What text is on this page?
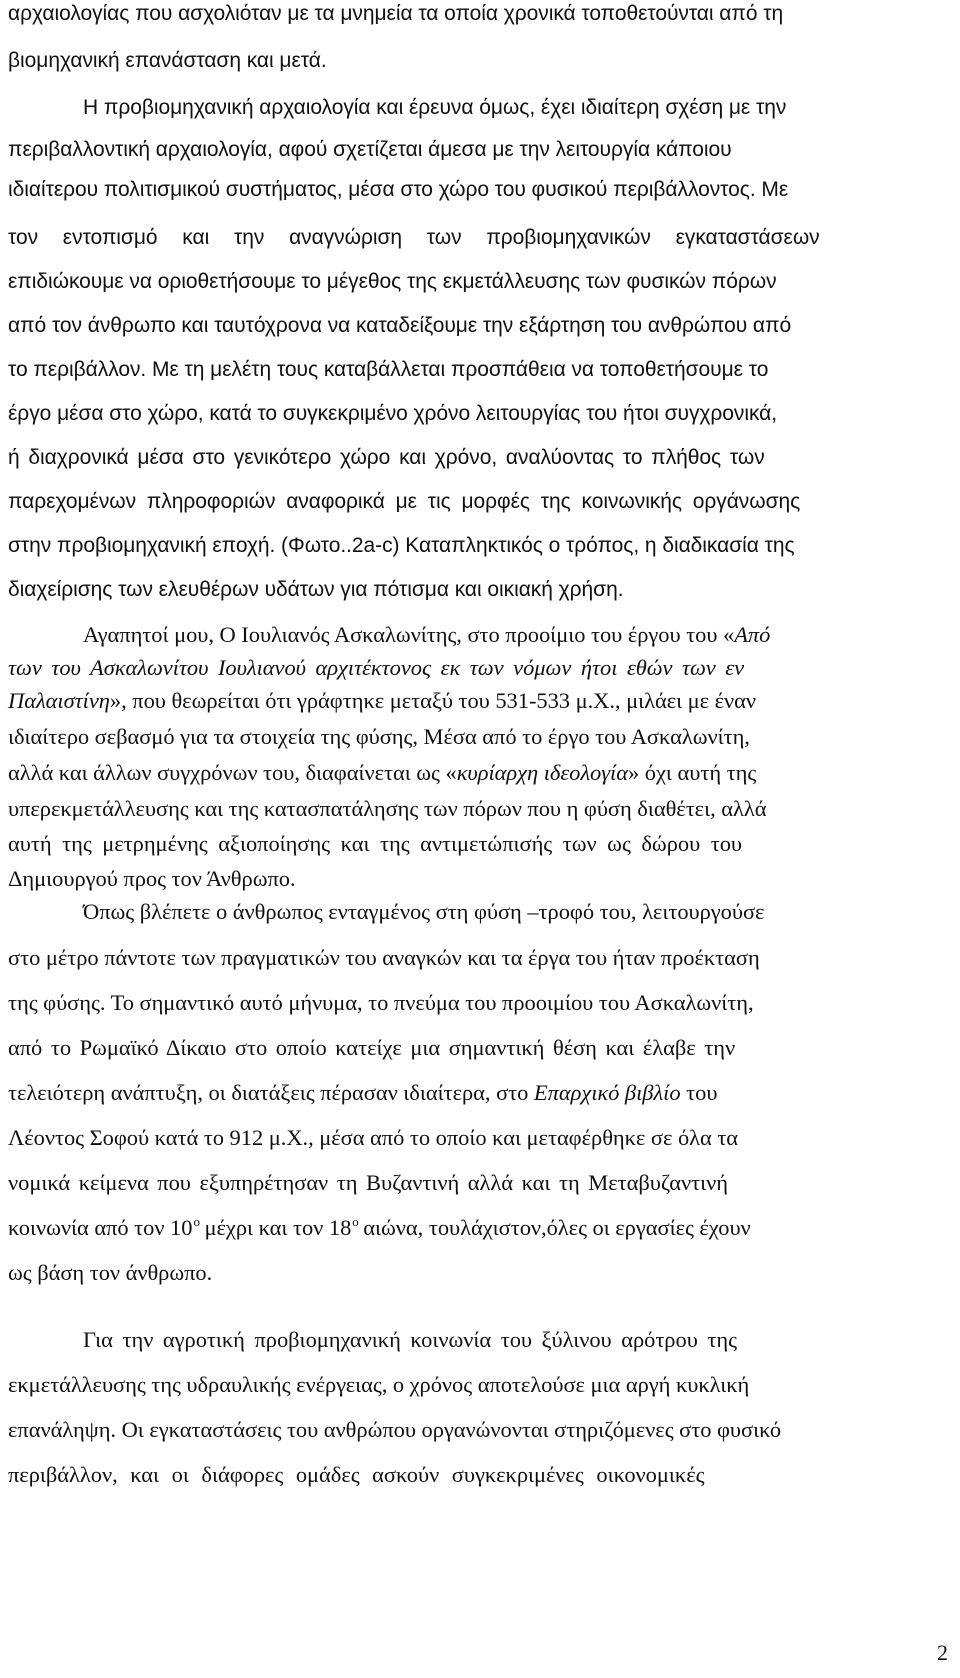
αρχαιολογίας που ασχολιόταν με τα μνημεία τα οποία χρονικά τοποθετούνται από τη
βιομηχανική επανάσταση και μετά.
Η προβιομηχανική αρχαιολογία και έρευνα όμως, έχει ιδιαίτερη σχέση με την
περιβαλλοντική αρχαιολογία, αφού σχετίζεται άμεσα με την λειτουργία κάποιου
ιδιαίτερου πολιτισμικού συστήματος, μέσα στο χώρο του φυσικού περιβάλλοντος. Με
τον εντοπισμό και την αναγνώριση των προβιομηχανικών εγκαταστάσεων
επιδιώκουμε να οριοθετήσουμε το μέγεθος της εκμετάλλευσης των φυσικών πόρων
από τον άνθρωπο και ταυτόχρονα να καταδείξουμε την εξάρτηση του ανθρώπου από
το περιβάλλον. Με τη μελέτη τους καταβάλλεται προσπάθεια να τοποθετήσουμε το
έργο μέσα στο χώρο, κατά το συγκεκριμένο χρόνο λειτουργίας του ήτοι συγχρονικά,
ή διαχρονικά μέσα στο γενικότερο χώρο και χρόνο, αναλύοντας το πλήθος των
παρεχομένων πληροφοριών αναφορικά με τις μορφές της κοινωνικής οργάνωσης
στην προβιομηχανική εποχή. (Φωτο..2a-c) Καταπληκτικός ο τρόπος, η διαδικασία της
διαχείρισης των ελευθέρων υδάτων για πότισμα και οικιακή χρήση.
Αγαπητοί μου, Ο Ιουλιανός Ασκαλωνίτης, στο προοίμιο του έργου του «Από
των του Ασκαλωνίτου Ιουλιανού αρχιτέκτονος εκ των νόμων ήτοι εθών των εν
Παλαιστίνη», που θεωρείται ότι γράφτηκε μεταξύ του 531-533 μ.Χ., μιλάει με έναν
ιδιαίτερο σεβασμό για τα στοιχεία της φύσης, Μέσα από το έργο του Ασκαλωνίτη,
αλλά και άλλων συγχρόνων του, διαφαίνεται ως «κυρίαρχη ιδεολογία» όχι αυτή της
υπερεκμετάλλευσης και της κατασπατάλησης των πόρων που η φύση διαθέτει, αλλά
αυτή της μετρημένης αξιοποίησης και της αντιμετώπισής των ως δώρου του
Δημιουργού προς τον Άνθρωπο.
Όπως βλέπετε ο άνθρωπος ενταγμένος στη φύση –τροφό του, λειτουργούσε
στο μέτρο πάντοτε των πραγματικών του αναγκών και τα έργα του ήταν προέκταση
της φύσης. Το σημαντικό αυτό μήνυμα, το πνεύμα του προοιμίου του Ασκαλωνίτη,
από το Ρωμαϊκό Δίκαιο στο οποίο κατείχε μια σημαντική θέση και έλαβε την
τελειότερη ανάπτυξη, οι διατάξεις πέρασαν ιδιαίτερα, στο Επαρχικό βιβλίο του
Λέοντος Σοφού κατά το 912 μ.Χ., μέσα από το οποίο και μεταφέρθηκε σε όλα τα
νομικά κείμενα που εξυπηρέτησαν τη Βυζαντινή αλλά και τη Μεταβυζαντινή
κοινωνία από τον $10^o$ μέχρι και τον $18^o$ αιώνα, τουλάχιστον,όλες οι εργασίες έχουν
ως βάση τον άνθρωπο.
Για την αγροτική προβιομηχανική κοινωνία του ξύλινου αρότρου της
εκμετάλλευσης της υδραυλικής ενέργειας, ο χρόνος αποτελούσε μια αργή κυκλική
επανάληψη. Οι εγκαταστάσεις του ανθρώπου οργανώνονται στηριζόμενες στο φυσικό
περιβάλλον, και οι διάφορες ομάδες ασκούν συγκεκριμένες οικονομικές
2
